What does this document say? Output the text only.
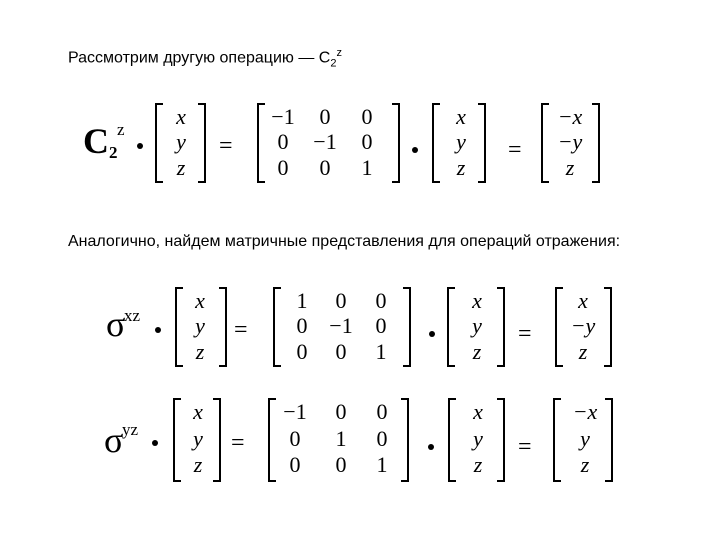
Рассмотрим другую операцию — $C_2^z$
Аналогично, найдем матричные представления для операций отражения:
C 2
z
x
y
z
=
−1	0	0
0	−1	0
0	0	1
x
y
z
=
−x
−y
z
σ
xz
x
y
z
=
1	0	0
0 −1	0
0	0	1
x
y
z
=
x
−y
z
σ
yz
x
y
z
=
−1	0	0
0	1	0
0	0	1
x
y
z
=
−x
y
z
